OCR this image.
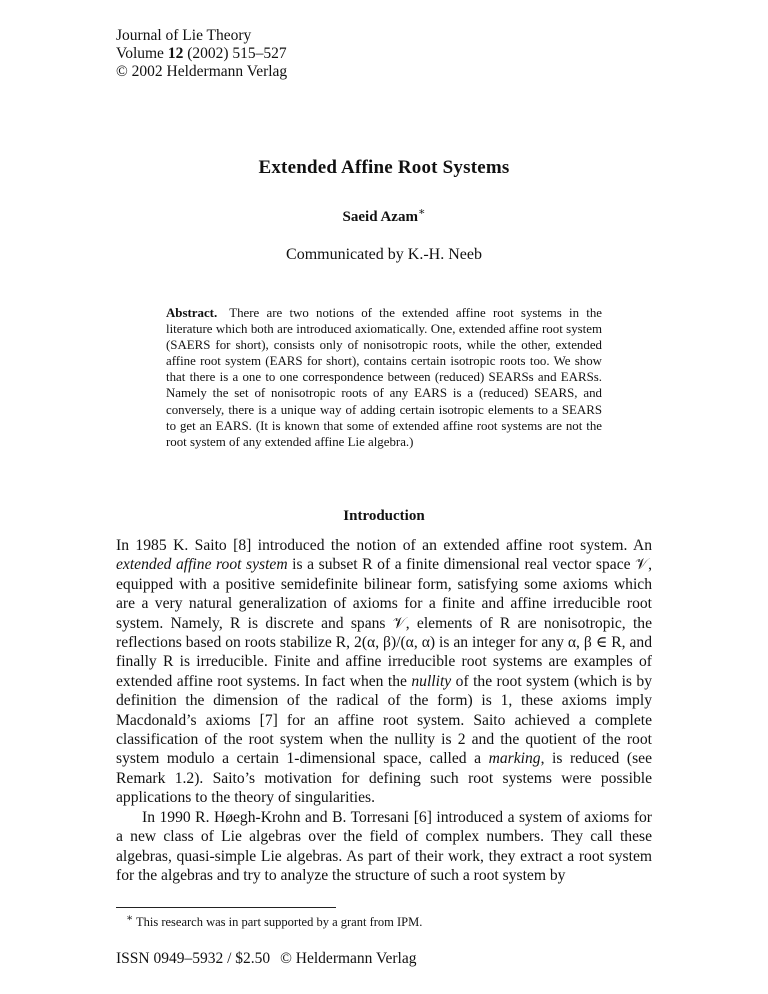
Journal of Lie Theory
Volume 12 (2002) 515–527
© 2002 Heldermann Verlag
Extended Affine Root Systems
Saeid Azam∗
Communicated by K.-H. Neeb
Abstract. There are two notions of the extended affine root systems in the literature which both are introduced axiomatically. One, extended affine root system (SAERS for short), consists only of nonisotropic roots, while the other, extended affine root system (EARS for short), contains certain isotropic roots too. We show that there is a one to one correspondence between (reduced) SEARSs and EARSs. Namely the set of nonisotropic roots of any EARS is a (reduced) SEARS, and conversely, there is a unique way of adding certain isotropic elements to a SEARS to get an EARS. (It is known that some of extended affine root systems are not the root system of any extended affine Lie algebra.)
Introduction

In 1985 K. Saito [8] introduced the notion of an extended affine root system. An extended affine root system is a subset R of a finite dimensional real vector space 𝒱, equipped with a positive semidefinite bilinear form, satisfying some axioms which are a very natural generalization of axioms for a finite and affine irreducible root system. Namely, R is discrete and spans 𝒱, elements of R are nonisotropic, the reflections based on roots stabilize R, 2(α, β)/(α, α) is an integer for any α, β ∈ R, and finally R is irreducible. Finite and affine irreducible root systems are examples of extended affine root systems. In fact when the nullity of the root system (which is by definition the dimension of the radical of the form) is 1, these axioms imply Macdonald’s axioms [7] for an affine root system. Saito achieved a complete classification of the root system when the nullity is 2 and the quotient of the root system modulo a certain 1-dimensional space, called a marking, is reduced (see Remark 1.2). Saito’s motivation for defining such root systems were possible applications to the theory of singularities.

In 1990 R. Høegh-Krohn and B. Torresani [6] introduced a system of axioms for a new class of Lie algebras over the field of complex numbers. They call these algebras, quasi-simple Lie algebras. As part of their work, they extract a root system for the algebras and try to analyze the structure of such a root system by

∗ This research was in part supported by a grant from IPM.
ISSN 0949–5932 / $2.50 © Heldermann Verlag
